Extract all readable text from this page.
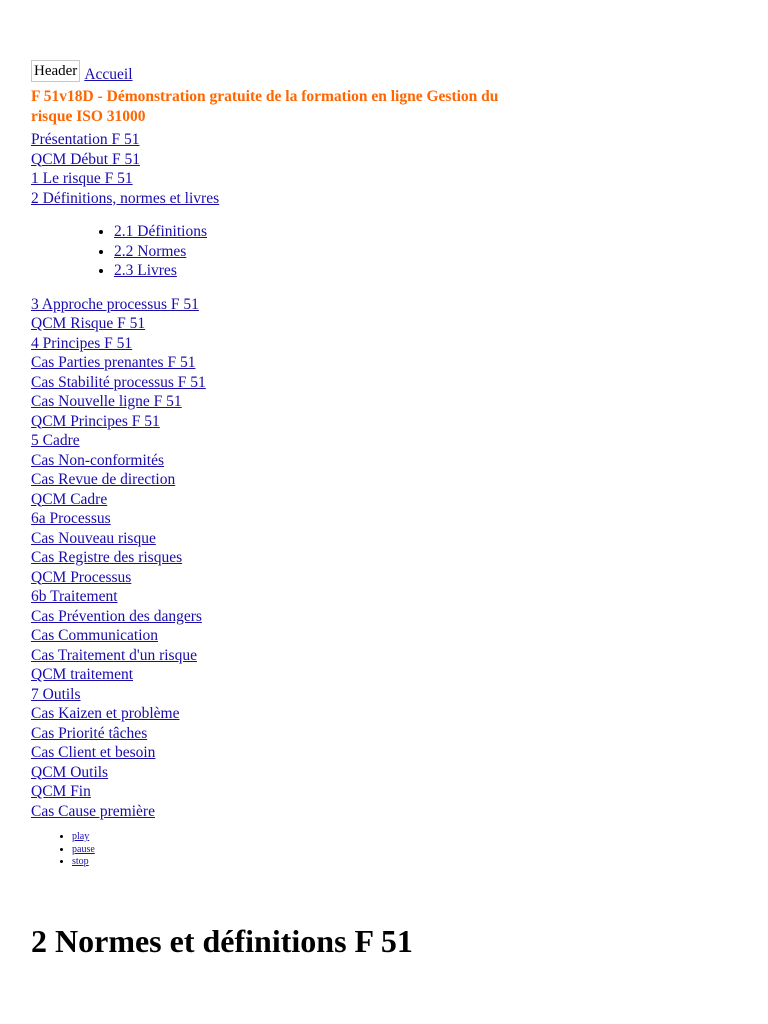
Header Accueil
F 51v18D - Démonstration gratuite de la formation en ligne Gestion du risque ISO 31000
Présentation F 51
QCM Début F 51
1 Le risque F 51
2 Définitions, normes et livres
• 2.1 Définitions
• 2.2 Normes
• 2.3 Livres
3 Approche processus F 51
QCM Risque F 51
4 Principes F 51
Cas Parties prenantes F 51
Cas Stabilité processus F 51
Cas Nouvelle ligne F 51
QCM Principes F 51
5 Cadre
Cas Non-conformités
Cas Revue de direction
QCM Cadre
6a Processus
Cas Nouveau risque
Cas Registre des risques
QCM Processus
6b Traitement
Cas Prévention des dangers
Cas Communication
Cas Traitement d'un risque
QCM traitement
7 Outils
Cas Kaizen et problème
Cas Priorité tâches
Cas Client et besoin
QCM Outils
QCM Fin
Cas Cause première
• play
• pause
• stop
2 Normes et définitions F 51
